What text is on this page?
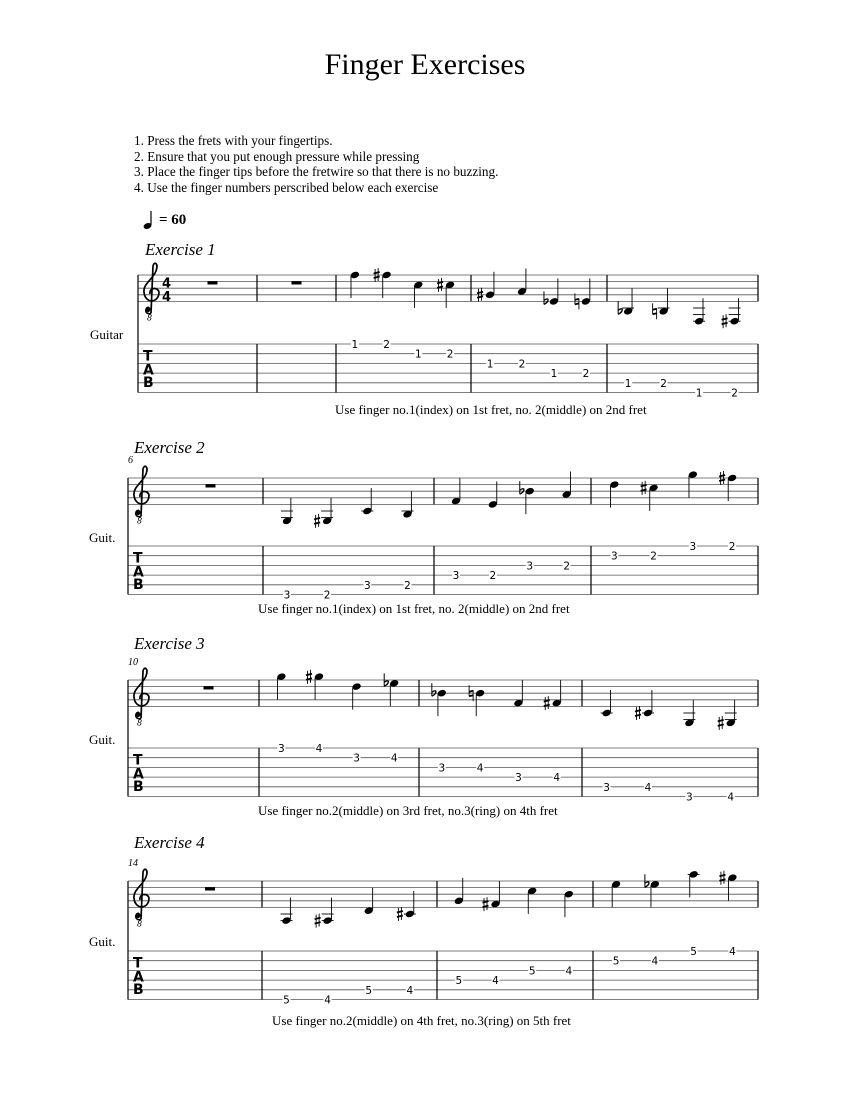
Finger Exercises
1. Press the frets with your fingertips.
2. Ensure that you put enough pressure while pressing
3. Place the finger tips before the fretwire so that there is no buzzing.
4. Use the finger numbers perscribed below each exercise
= 60
8
T
A
B
4
4
1 2
1 2
1 2
1 2
1	2
1	2
8
T
A
B
3	2
3	2
3	2
3	2
3	2
3	2
8
T
A
B
3	4
3	4
3	4
3	4
3	4
3	4
8
T
A
B
5	4
5	4
5	4
5	4
5	4
5	4
Exercise 1
Guitar
Use finger no.1(index) on 1st fret, no. 2(middle) on 2nd fret
Exercise 2
6
Guit.
Use finger no.1(index) on 1st fret, no. 2(middle) on 2nd fret
Exercise 3
10
Guit.
Use finger no.2(middle) on 3rd fret, no.3(ring) on 4th fret
Exercise 4
14
Guit.
Use finger no.2(middle) on 4th fret, no.3(ring) on 5th fret
